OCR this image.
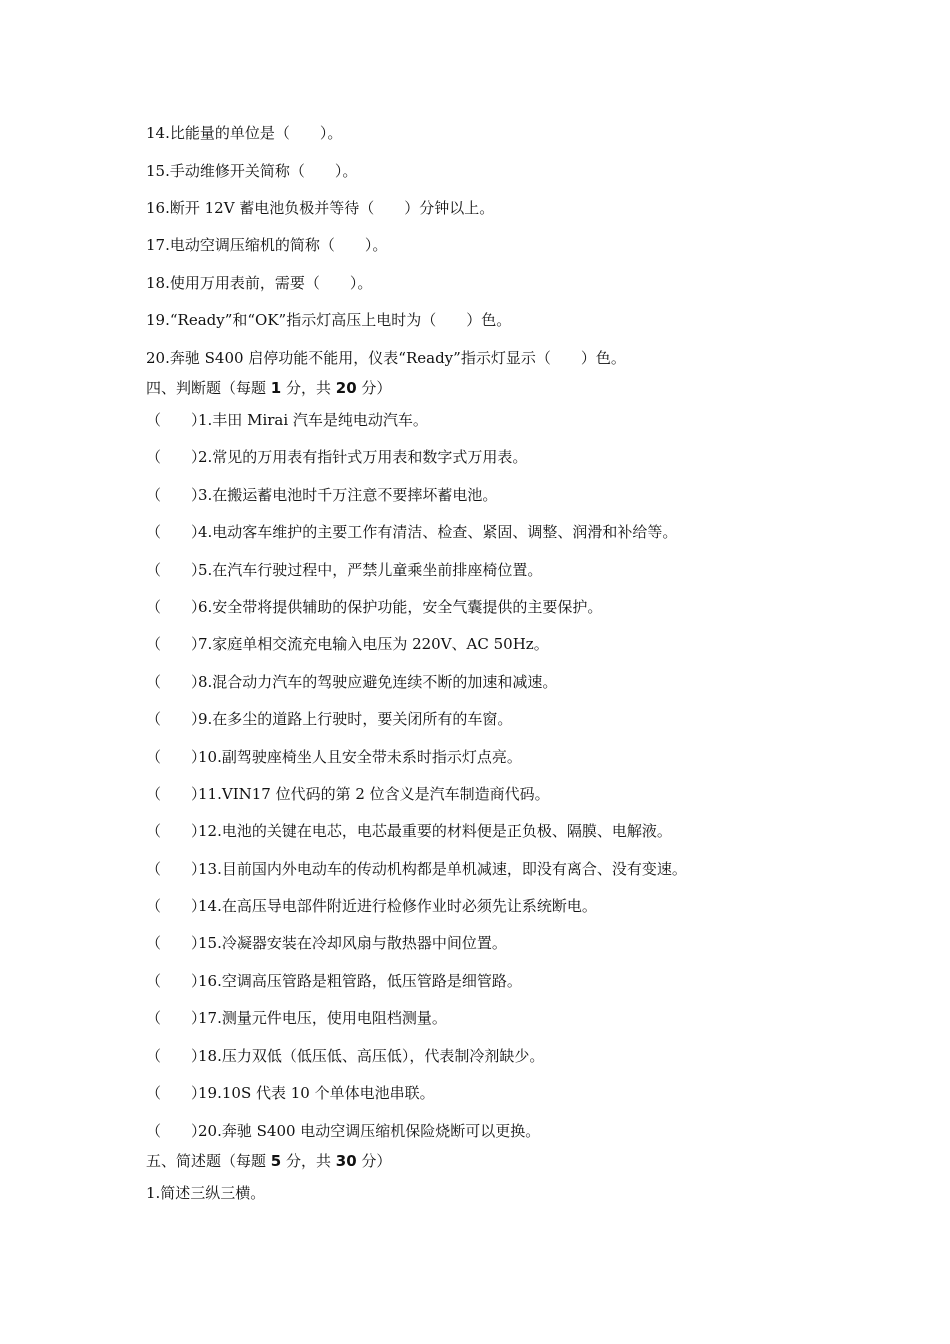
14.比能量的单位是（　　）。
15.手动维修开关简称（　　）。
16.断开 12V 蓄电池负极并等待（　　）分钟以上。
17.电动空调压缩机的简称（　　）。
18.使用万用表前，需要（　　）。
19.“Ready”和“OK”指示灯高压上电时为（　　）色。
20.奔驰 S400 启停功能不能用，仪表“Ready”指示灯显示（　　）色。
四、判断题（每题 1 分，共 20 分）
（　　）1.丰田 Mirai 汽车是纯电动汽车。
（　　）2.常见的万用表有指针式万用表和数字式万用表。
（　　）3.在搬运蓄电池时千万注意不要摔坏蓄电池。
（　　）4.电动客车维护的主要工作有清洁、检查、紧固、调整、润滑和补给等。
（　　）5.在汽车行驶过程中，严禁儿童乘坐前排座椅位置。
（　　）6.安全带将提供辅助的保护功能，安全气囊提供的主要保护。
（　　）7.家庭单相交流充电输入电压为 220V、AC 50Hz。
（　　）8.混合动力汽车的驾驶应避免连续不断的加速和减速。
（　　）9.在多尘的道路上行驶时，要关闭所有的车窗。
（　　）10.副驾驶座椅坐人且安全带未系时指示灯点亮。
（　　）11.VIN17 位代码的第 2 位含义是汽车制造商代码。
（　　）12.电池的关键在电芯，电芯最重要的材料便是正负极、隔膜、电解液。
（　　）13.目前国内外电动车的传动机构都是单机减速，即没有离合、没有变速。
（　　）14.在高压导电部件附近进行检修作业时必须先让系统断电。
（　　）15.冷凝器安装在冷却风扇与散热器中间位置。
（　　）16.空调高压管路是粗管路，低压管路是细管路。
（　　）17.测量元件电压，使用电阻档测量。
（　　）18.压力双低（低压低、高压低），代表制冷剂缺少。
（　　）19.10S 代表 10 个单体电池串联。
（　　）20.奔驰 S400 电动空调压缩机保险烧断可以更换。
五、简述题（每题 5 分，共 30 分）
1.简述三纵三横。
